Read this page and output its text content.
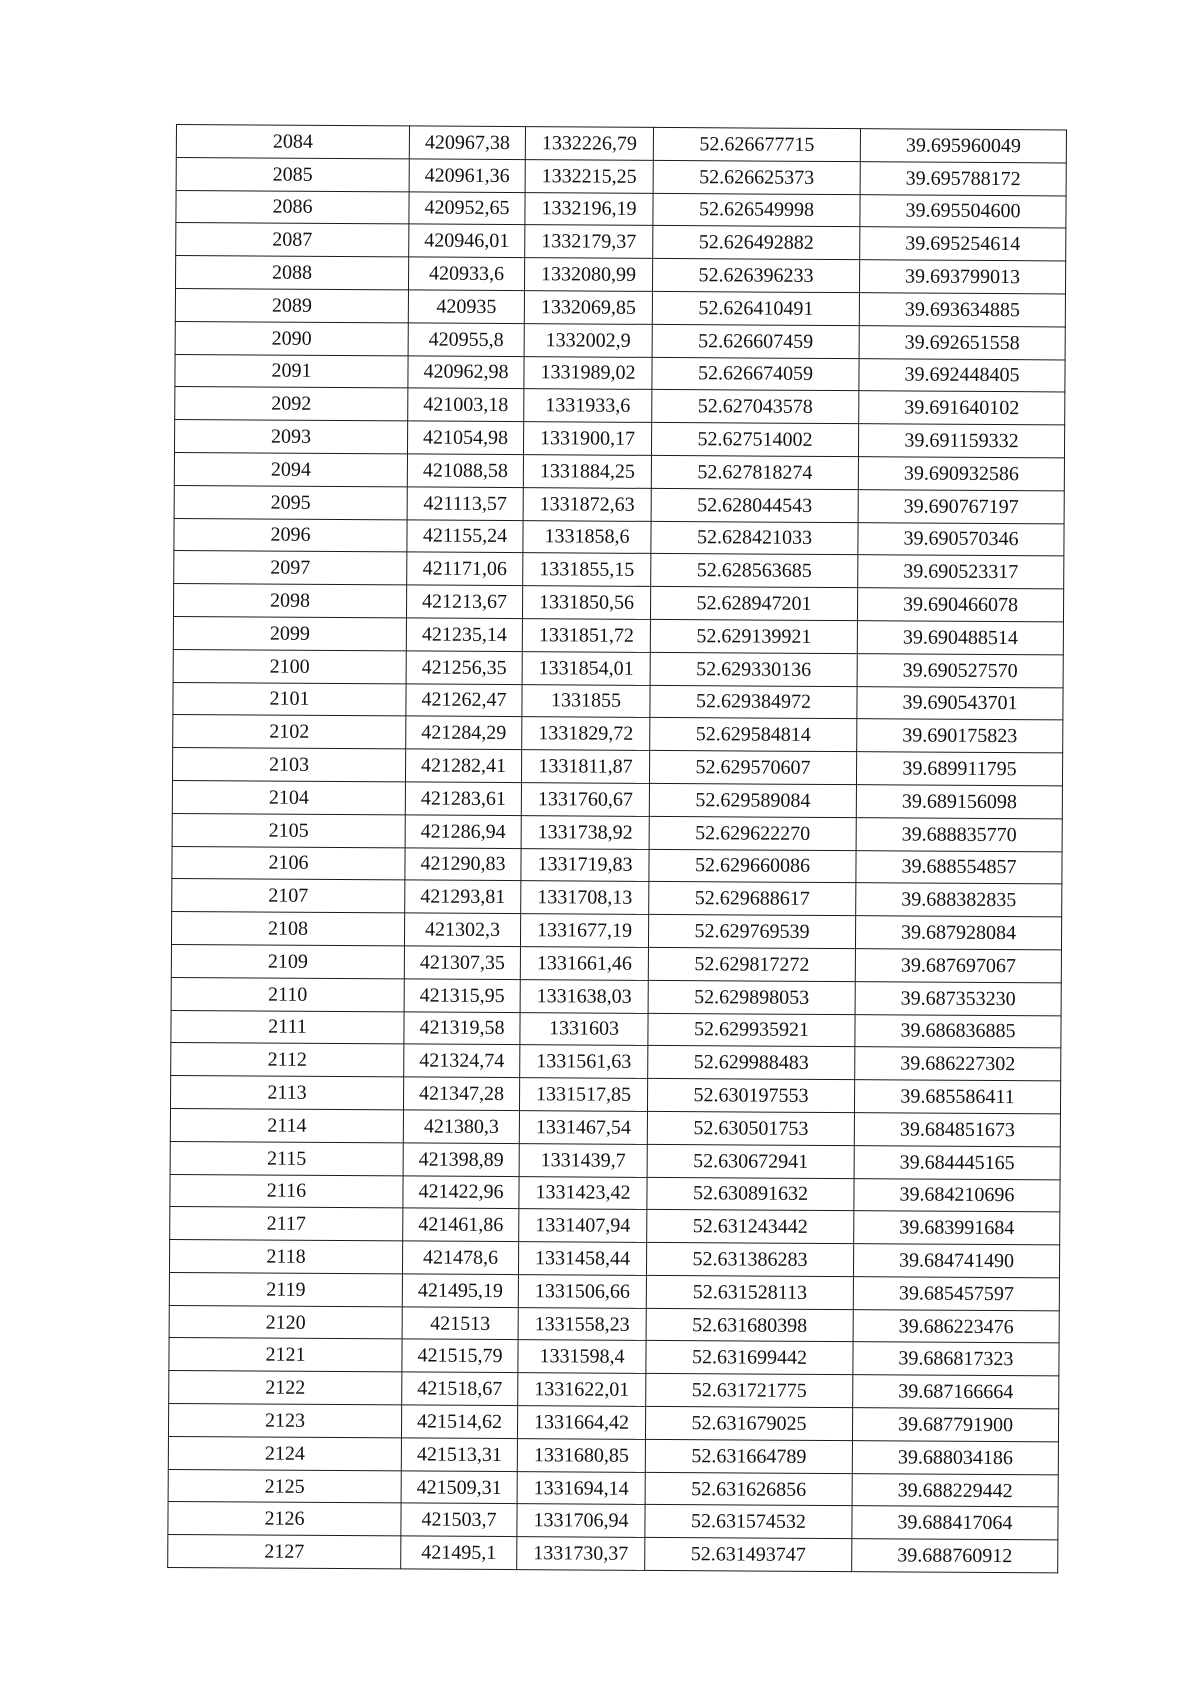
2084	420967,38	1332226,79	52.626677715	39.695960049
2085	420961,36	1332215,25	52.626625373	39.695788172
2086	420952,65	1332196,19	52.626549998	39.695504600
2087	420946,01	1332179,37	52.626492882	39.695254614
2088	420933,6	1332080,99	52.626396233	39.693799013
2089	420935	1332069,85	52.626410491	39.693634885
2090	420955,8	1332002,9	52.626607459	39.692651558
2091	420962,98	1331989,02	52.626674059	39.692448405
2092	421003,18	1331933,6	52.627043578	39.691640102
2093	421054,98	1331900,17	52.627514002	39.691159332
2094	421088,58	1331884,25	52.627818274	39.690932586
2095	421113,57	1331872,63	52.628044543	39.690767197
2096	421155,24	1331858,6	52.628421033	39.690570346
2097	421171,06	1331855,15	52.628563685	39.690523317
2098	421213,67	1331850,56	52.628947201	39.690466078
2099	421235,14	1331851,72	52.629139921	39.690488514
2100	421256,35	1331854,01	52.629330136	39.690527570
2101	421262,47	1331855	52.629384972	39.690543701
2102	421284,29	1331829,72	52.629584814	39.690175823
2103	421282,41	1331811,87	52.629570607	39.689911795
2104	421283,61	1331760,67	52.629589084	39.689156098
2105	421286,94	1331738,92	52.629622270	39.688835770
2106	421290,83	1331719,83	52.629660086	39.688554857
2107	421293,81	1331708,13	52.629688617	39.688382835
2108	421302,3	1331677,19	52.629769539	39.687928084
2109	421307,35	1331661,46	52.629817272	39.687697067
2110	421315,95	1331638,03	52.629898053	39.687353230
2111	421319,58	1331603	52.629935921	39.686836885
2112	421324,74	1331561,63	52.629988483	39.686227302
2113	421347,28	1331517,85	52.630197553	39.685586411
2114	421380,3	1331467,54	52.630501753	39.684851673
2115	421398,89	1331439,7	52.630672941	39.684445165
2116	421422,96	1331423,42	52.630891632	39.684210696
2117	421461,86	1331407,94	52.631243442	39.683991684
2118	421478,6	1331458,44	52.631386283	39.684741490
2119	421495,19	1331506,66	52.631528113	39.685457597
2120	421513	1331558,23	52.631680398	39.686223476
2121	421515,79	1331598,4	52.631699442	39.686817323
2122	421518,67	1331622,01	52.631721775	39.687166664
2123	421514,62	1331664,42	52.631679025	39.687791900
2124	421513,31	1331680,85	52.631664789	39.688034186
2125	421509,31	1331694,14	52.631626856	39.688229442
2126	421503,7	1331706,94	52.631574532	39.688417064
2127	421495,1	1331730,37	52.631493747	39.688760912
